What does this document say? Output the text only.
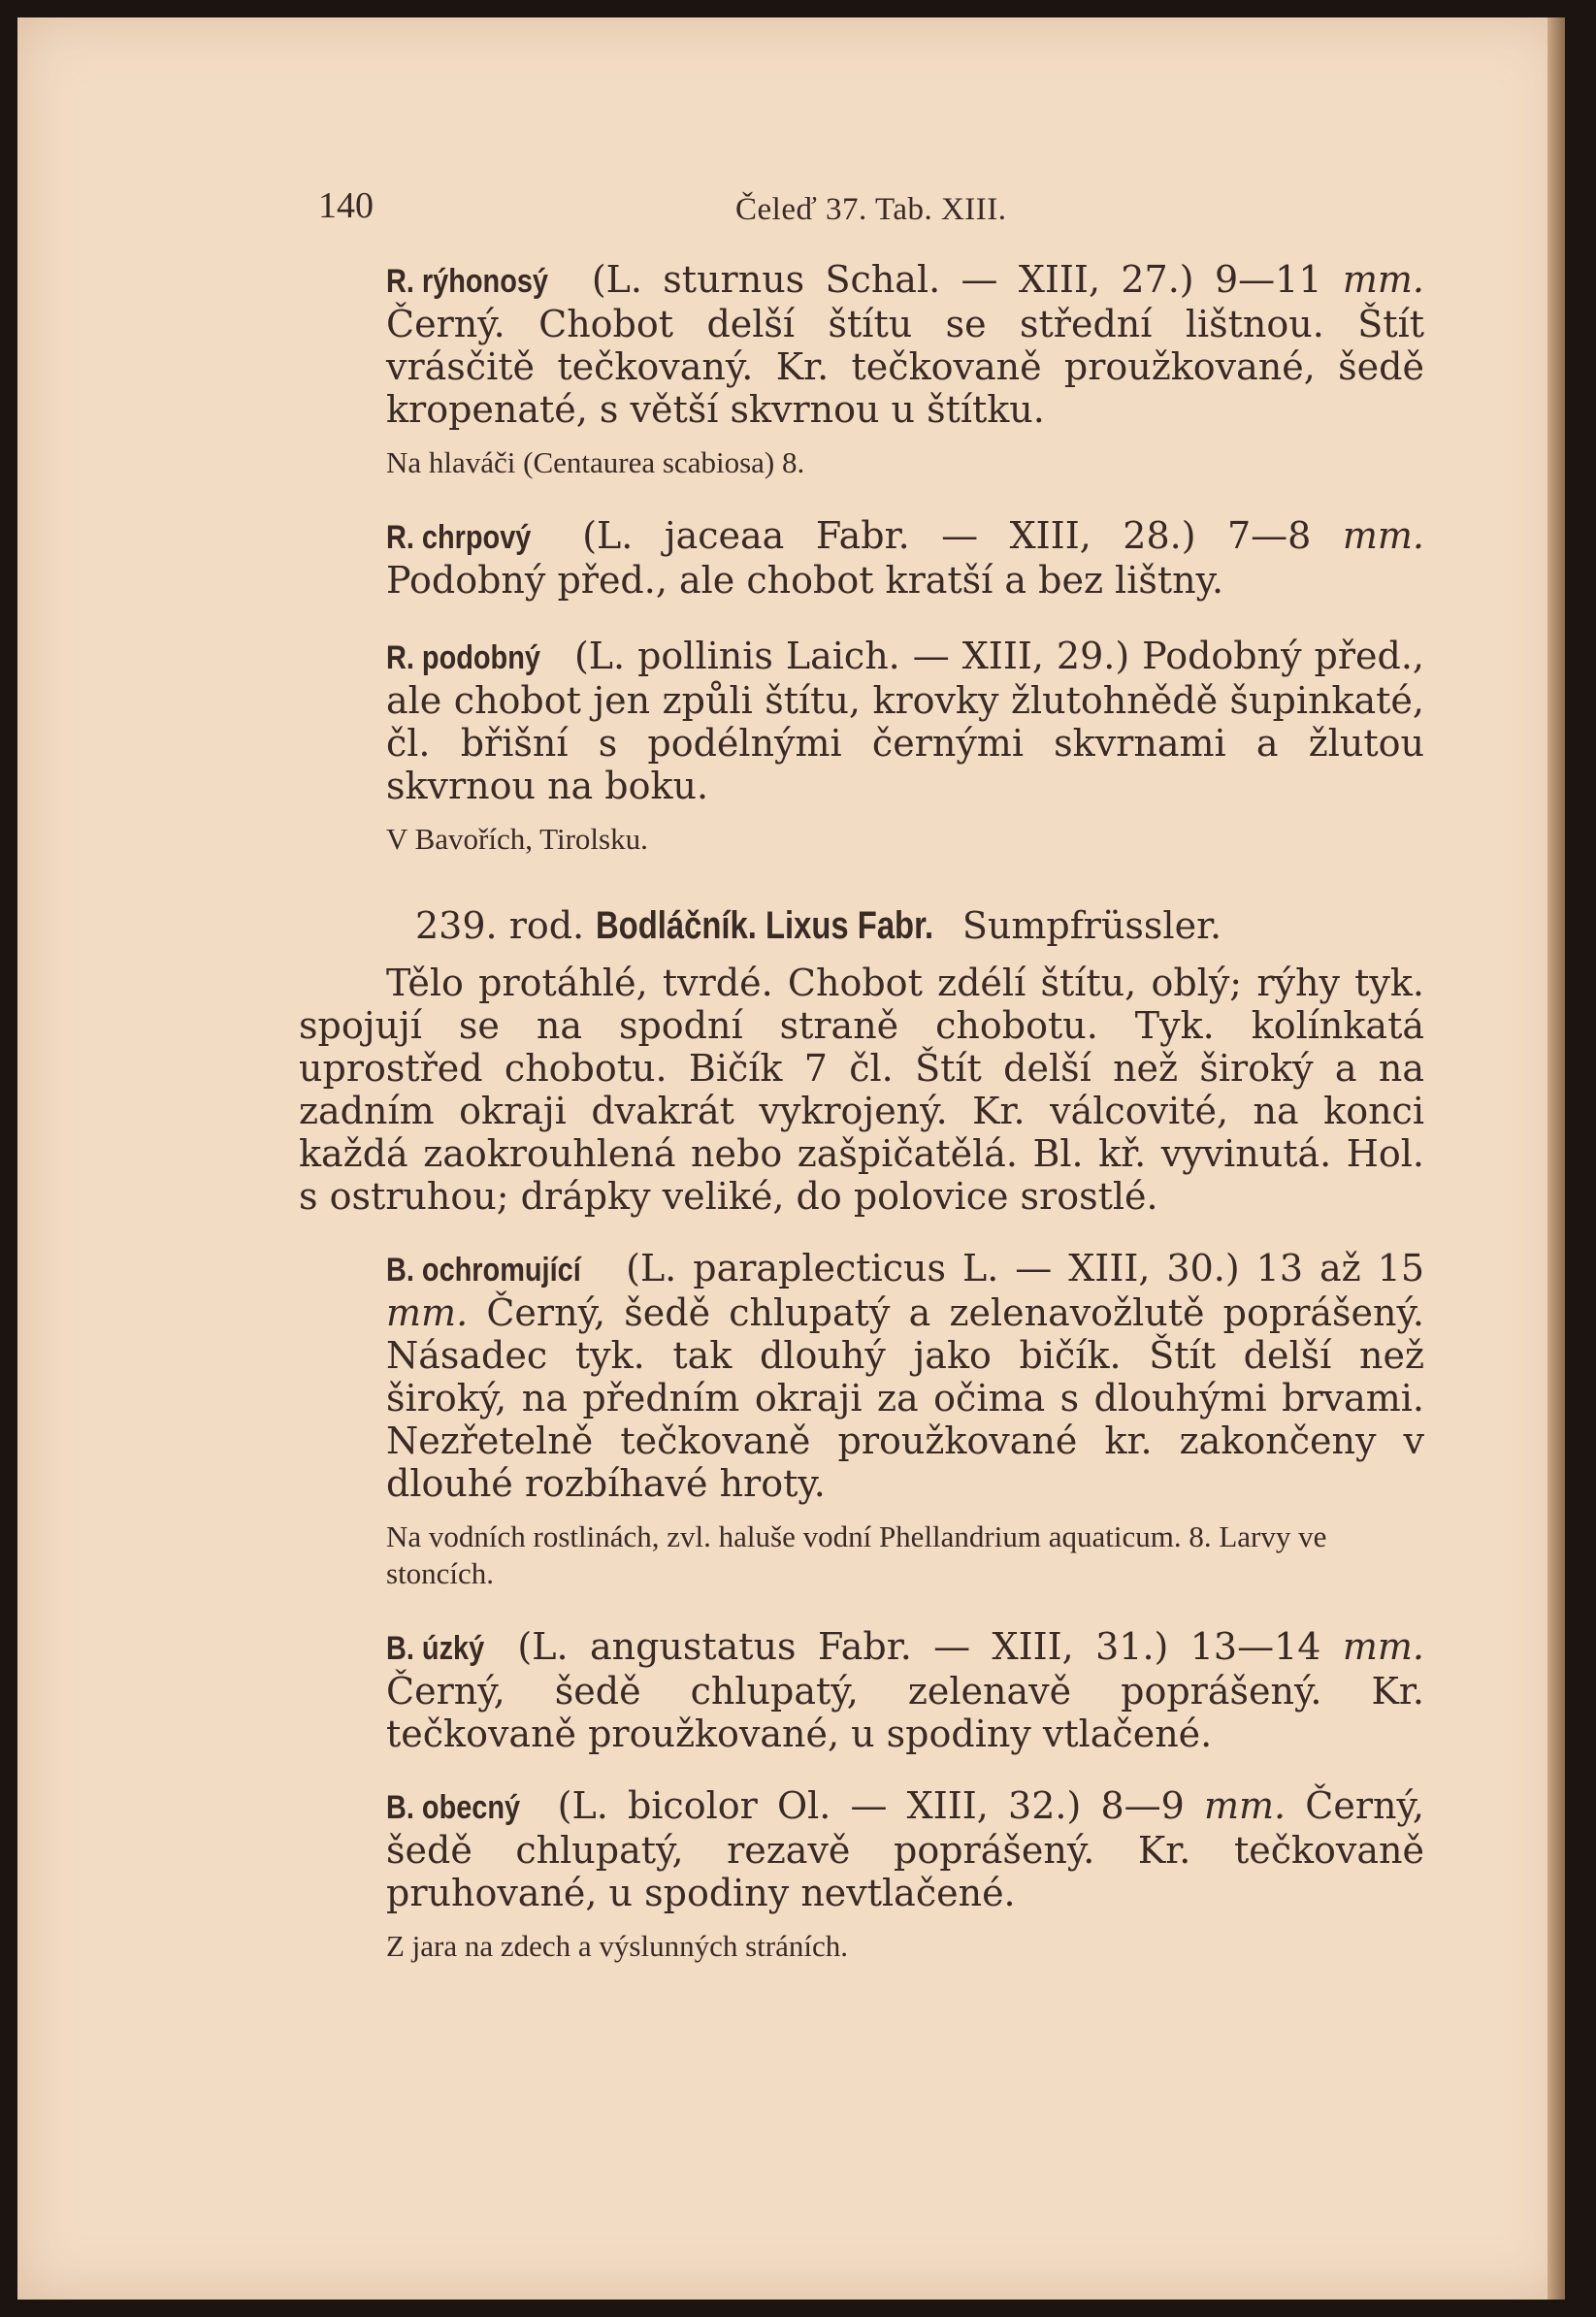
140	Čeleď 37. Tab. XIII.
R. rýhonosý (L. sturnus Schal. — XIII, 27.) 9—11 mm. Černý. Chobot delší štítu se střední lištnou. Štít vrásčitě tečkovaný. Kr. tečkovaně proužkované, šedě kropenaté, s větší skvrnou u štítku.
Na hlaváči (Centaurea scabiosa) 8.
R. chrpový (L. jaceaa Fabr. — XIII, 28.) 7—8 mm. Podobný před., ale chobot kratší a bez lištny.
R. podobný (L. pollinis Laich. — XIII, 29.) Podobný před., ale chobot jen způli štítu, krovky žlutohnědě šupinkaté, čl. břišní s podélnými černými skvrnami a žlutou skvrnou na boku.
V Bavořích, Tirolsku.
239. rod. Bodláčník. Lixus Fabr. Sumpfrüssler.
Tělo protáhlé, tvrdé. Chobot zdélí štítu, oblý; rýhy tyk. spojují se na spodní straně chobotu. Tyk. kolínkatá uprostřed chobotu. Bičík 7 čl. Štít delší než široký a na zadním okraji dvakrát vykrojený. Kr. válcovité, na konci každá zaokrouhlená nebo zašpičatělá. Bl. kř. vyvinutá. Hol. s ostruhou; drápky veliké, do polovice srostlé.
B. ochromující (L. paraplecticus L. — XIII, 30.) 13 až 15 mm. Černý, šedě chlupatý a zelenavožlutě poprášený. Násadec tyk. tak dlouhý jako bičík. Štít delší než široký, na předním okraji za očima s dlouhými brvami. Nezřetelně tečkovaně proužkované kr. zakončeny v dlouhé rozbíhavé hroty.
Na vodních rostlinách, zvl. haluše vodní Phellandrium aquaticum. 8. Larvy ve stoncích.
B. úzký (L. angustatus Fabr. — XIII, 31.) 13—14 mm. Černý, šedě chlupatý, zelenavě poprášený. Kr. tečkovaně proužkované, u spodiny vtlačené.
B. obecný (L. bicolor Ol. — XIII, 32.) 8—9 mm. Černý, šedě chlupatý, rezavě poprášený. Kr. tečkovaně pruhované, u spodiny nevtlačené.
Z jara na zdech a výslunných stráních.
